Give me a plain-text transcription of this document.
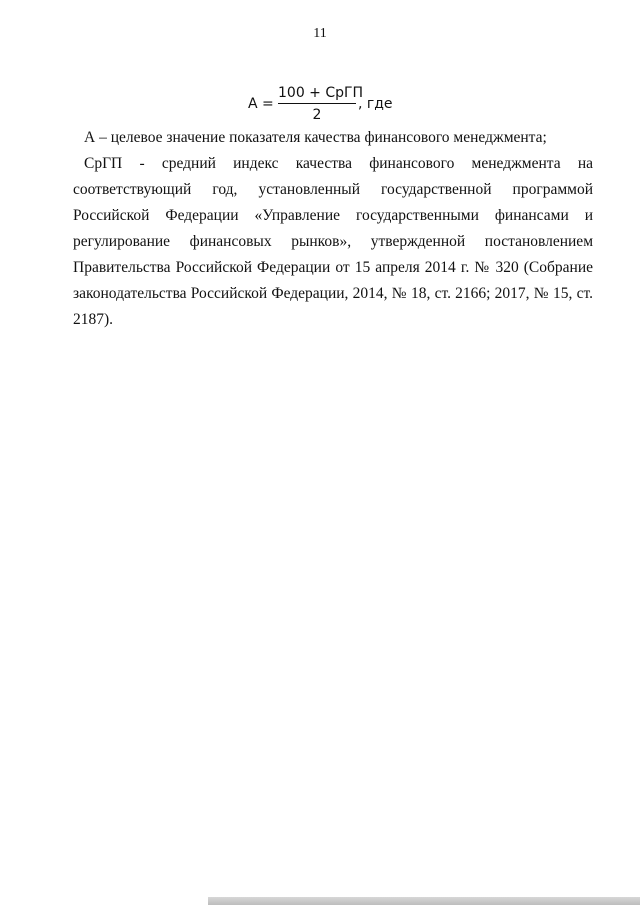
11
А =
100 + СрГП
2
, где

А – целевое значение показателя качества финансового менеджмента;

СрГП - средний индекс качества финансового менеджмента на соответствующий год, установленный государственной программой Российской Федерации «Управление государственными финансами и регулирование финансовых рынков», утвержденной постановлением Правительства Российской Федерации от 15 апреля 2014 г. № 320 (Собрание законодательства Российской Федерации, 2014, № 18, ст. 2166; 2017, № 15, ст. 2187).
